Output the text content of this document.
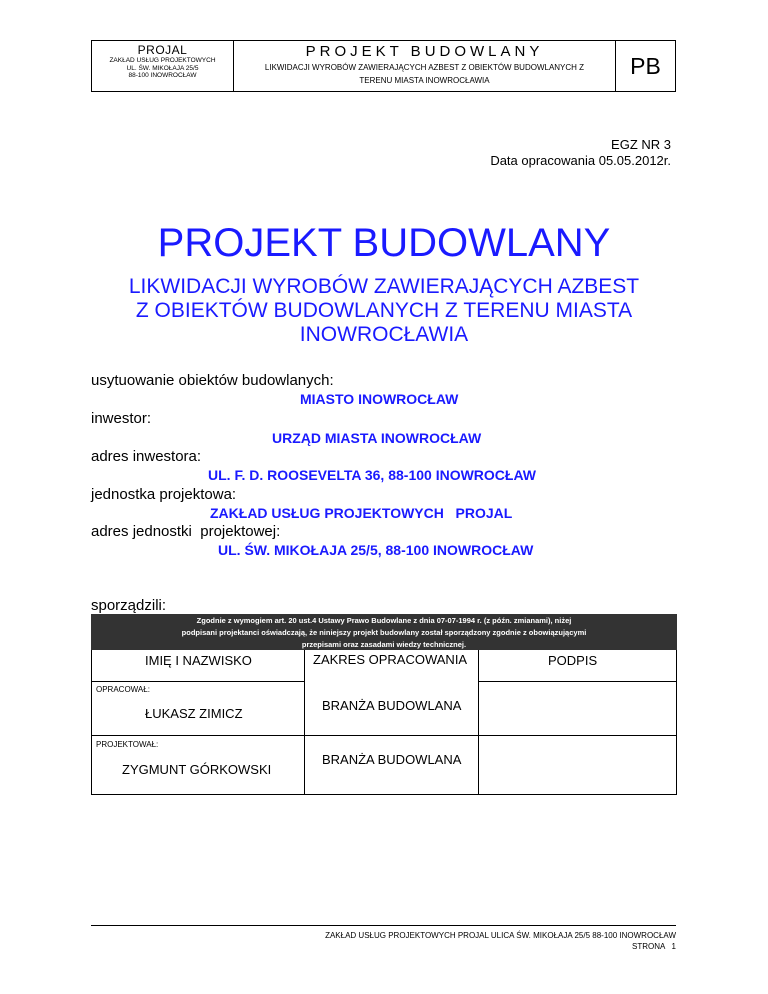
PROJAL
ZAKŁAD USŁUG PROJEKTOWYCH
UL. ŚW. MIKOŁAJA 25/5
88-100 INOWROCŁAW
PROJEKT BUDOWLANY
LIKWIDACJI WYROBÓW ZAWIERAJĄCYCH AZBEST Z OBIEKTÓW BUDOWLANYCH Z
TERENU MIASTA INOWROCŁAWIA
PB
EGZ NR 3
Data opracowania 05.05.2012r.
PROJEKT BUDOWLANY
LIKWIDACJI WYROBÓW ZAWIERAJĄCYCH AZBEST
Z OBIEKTÓW BUDOWLANYCH Z TERENU MIASTA
INOWROCŁAWIA
usytuowanie obiektów budowlanych:
MIASTO INOWROCŁAW
inwestor:
URZĄD MIASTA INOWROCŁAW
adres inwestora:
UL. F. D. ROOSEVELTA 36, 88-100 INOWROCŁAW
jednostka projektowa:
ZAKŁAD USŁUG PROJEKTOWYCH   PROJAL
adres jednostki  projektowej:
UL. ŚW. MIKOŁAJA 25/5, 88-100 INOWROCŁAW
sporządzili:
Zgodnie z wymogiem art. 20 ust.4 Ustawy Prawo Budowlane z dnia 07-07-1994 r. (z późn. zmianami), niżej
podpisani projektanci oświadczają, że niniejszy projekt budowlany został sporządzony zgodnie z obowiązującymi
przepisami oraz zasadami wiedzy technicznej.
IMIĘ I NAZWISKO	ZAKRES OPRACOWANIA	PODPIS
OPRACOWAŁ:
ŁUKASZ ZIMICZ
BRANŻA BUDOWLANA
PROJEKTOWAŁ:
ZYGMUNT GÓRKOWSKI
BRANŻA BUDOWLANA
ZAKŁAD USŁUG PROJEKTOWYCH PROJAL ULICA ŚW. MIKOŁAJA 25/5 88-100 INOWROCŁAW
STRONA   1
